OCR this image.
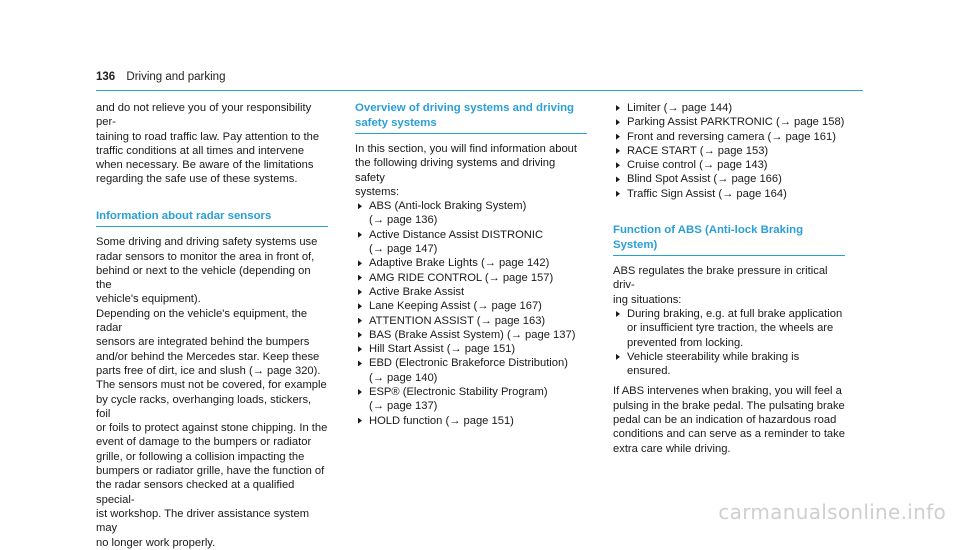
136 Driving and parking
and do not relieve you of your responsibility per-
taining to road traffic law. Pay attention to the
traffic conditions at all times and intervene
when necessary. Be aware of the limitations
regarding the safe use of these systems.
Information about radar sensors
Some driving and driving safety systems use
radar sensors to monitor the area in front of,
behind or next to the vehicle (depending on the
vehicle's equipment).
Depending on the vehicle's equipment, the radar
sensors are integrated behind the bumpers
and/or behind the Mercedes star. Keep these
parts free of dirt, ice and slush (→ page 320).
The sensors must not be covered, for example
by cycle racks, overhanging loads, stickers, foil
or foils to protect against stone chipping. In the
event of damage to the bumpers or radiator
grille, or following a collision impacting the
bumpers or radiator grille, have the function of
the radar sensors checked at a qualified special-
ist workshop. The driver assistance system may
no longer work properly.
Overview of driving systems and driving
safety systems
In this section, you will find information about
the following driving systems and driving safety
systems:
ABS (Anti-lock Braking System)
(→ page 136)
Active Distance Assist DISTRONIC
(→ page 147)
Adaptive Brake Lights (→ page 142)
AMG RIDE CONTROL (→ page 157)
Active Brake Assist
Lane Keeping Assist (→ page 167)
ATTENTION ASSIST (→ page 163)
BAS (Brake Assist System) (→ page 137)
Hill Start Assist (→ page 151)
EBD (Electronic Brakeforce Distribution)
(→ page 140)
ESP® (Electronic Stability Program)
(→ page 137)
HOLD function (→ page 151)
Limiter (→ page 144)
Parking Assist PARKTRONIC (→ page 158)
Front and reversing camera (→ page 161)
RACE START (→ page 153)
Cruise control (→ page 143)
Blind Spot Assist (→ page 166)
Traffic Sign Assist (→ page 164)
Function of ABS (Anti-lock Braking System)
ABS regulates the brake pressure in critical driv-
ing situations:
During braking, e.g. at full brake application
or insufficient tyre traction, the wheels are
prevented from locking.
Vehicle steerability while braking is ensured.
If ABS intervenes when braking, you will feel a
pulsing in the brake pedal. The pulsating brake
pedal can be an indication of hazardous road
conditions and can serve as a reminder to take
extra care while driving.
carmanualsonline.info
